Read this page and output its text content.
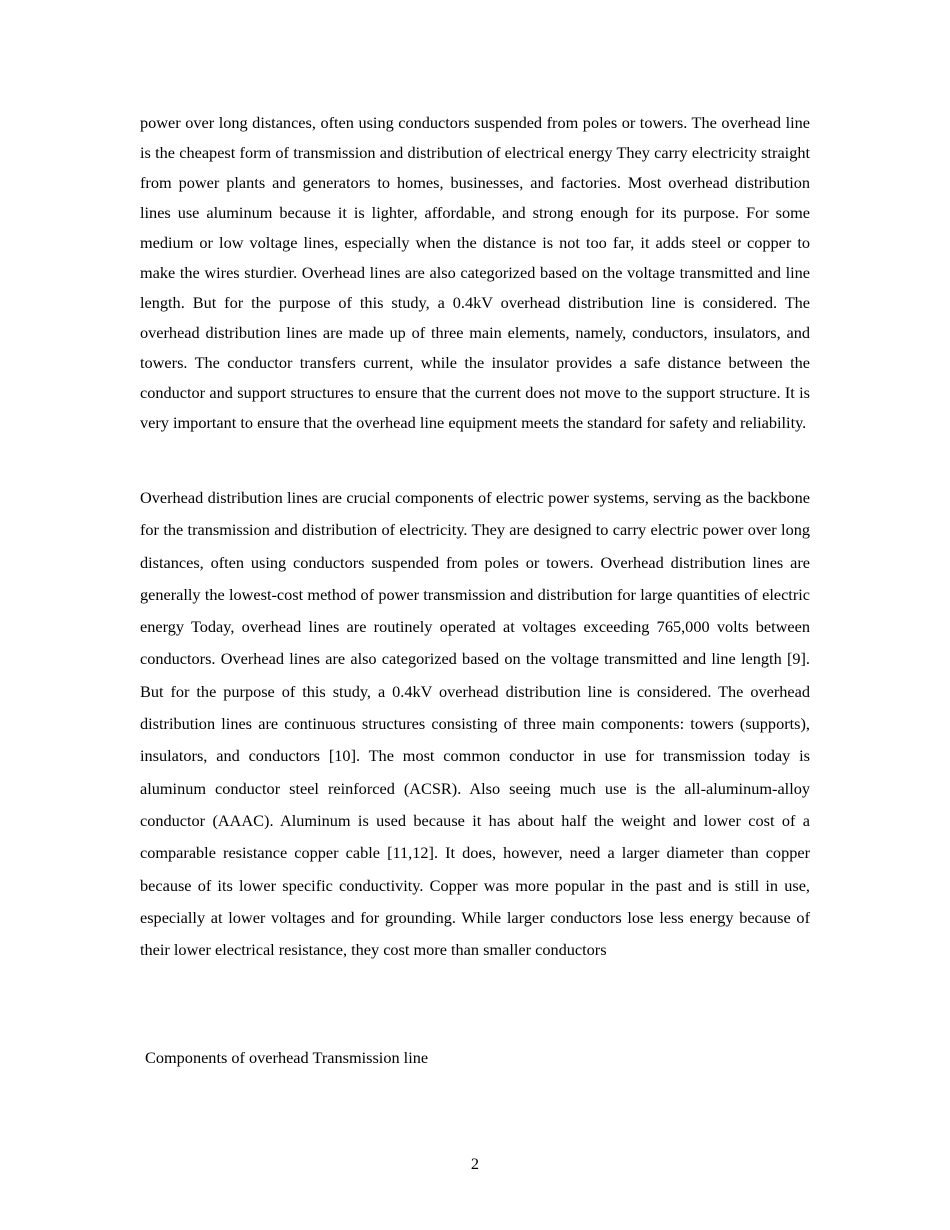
power over long distances, often using conductors suspended from poles or towers. The overhead line is the cheapest form of transmission and distribution of electrical energy They carry electricity straight from power plants and generators to homes, businesses, and factories. Most overhead distribution lines use aluminum because it is lighter, affordable, and strong enough for its purpose. For some medium or low voltage lines, especially when the distance is not too far, it adds steel or copper to make the wires sturdier. Overhead lines are also categorized based on the voltage transmitted and line length. But for the purpose of this study, a 0.4kV overhead distribution line is considered. The overhead distribution lines are made up of three main elements, namely, conductors, insulators, and towers. The conductor transfers current, while the insulator provides a safe distance between the conductor and support structures to ensure that the current does not move to the support structure. It is very important to ensure that the overhead line equipment meets the standard for safety and reliability.

Overhead distribution lines are crucial components of electric power systems, serving as the backbone for the transmission and distribution of electricity. They are designed to carry electric power over long distances, often using conductors suspended from poles or towers. Overhead distribution lines are generally the lowest-cost method of power transmission and distribution for large quantities of electric energy Today, overhead lines are routinely operated at voltages exceeding 765,000 volts between conductors. Overhead lines are also categorized based on the voltage transmitted and line length [9]. But for the purpose of this study, a 0.4kV overhead distribution line is considered. The overhead distribution lines are continuous structures consisting of three main components: towers (supports), insulators, and conductors [10]. The most common conductor in use for transmission today is aluminum conductor steel reinforced (ACSR). Also seeing much use is the all-aluminum-alloy conductor (AAAC). Aluminum is used because it has about half the weight and lower cost of a comparable resistance copper cable [11,12]. It does, however, need a larger diameter than copper because of its lower specific conductivity. Copper was more popular in the past and is still in use, especially at lower voltages and for grounding. While larger conductors lose less energy because of their lower electrical resistance, they cost more than smaller conductors

Components of overhead Transmission line

2
